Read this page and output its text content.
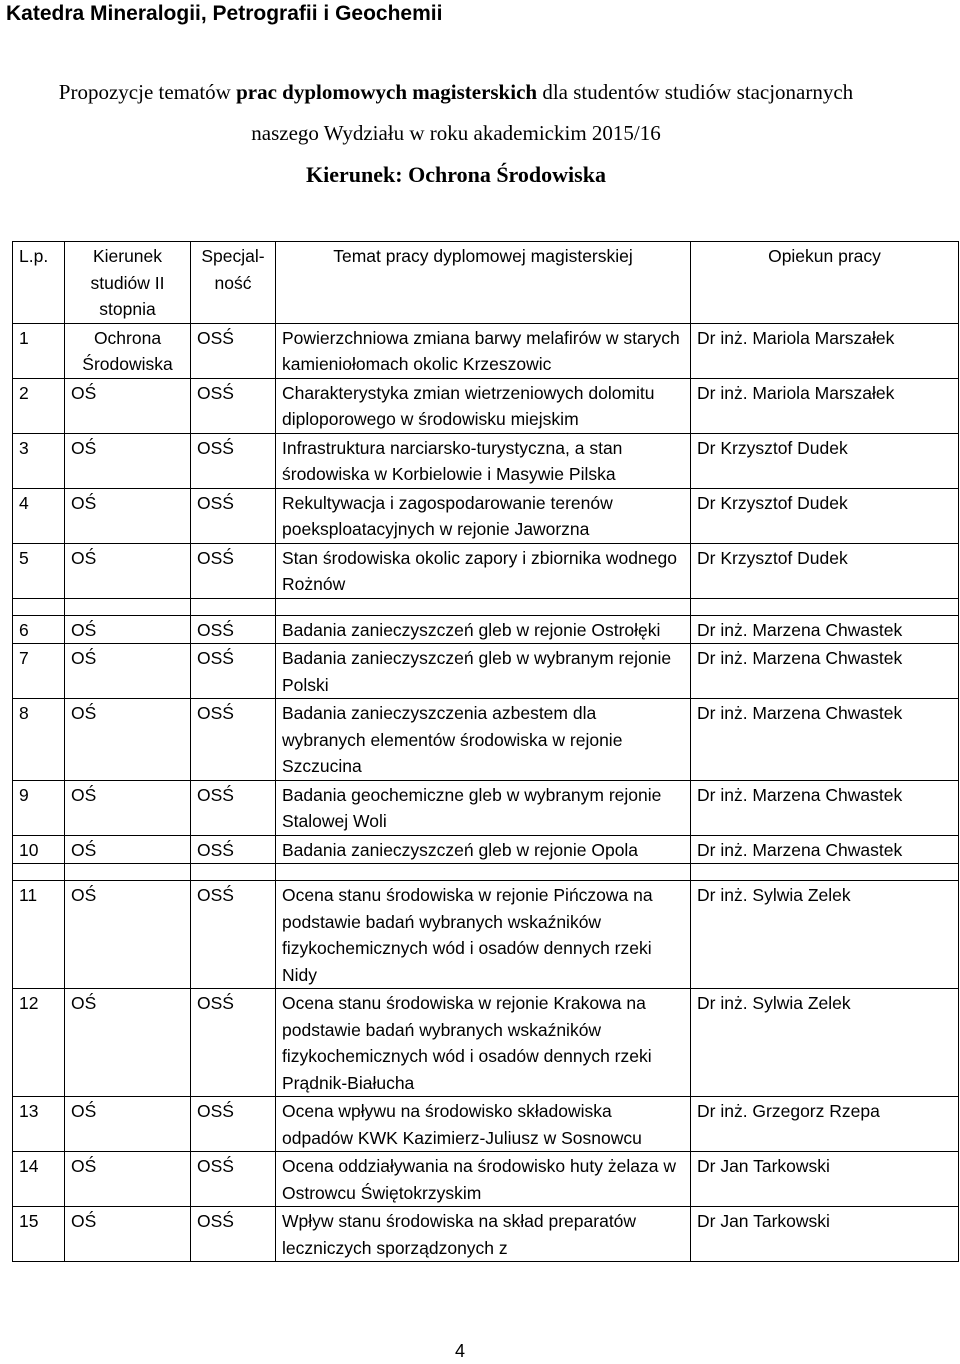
Katedra Mineralogii, Petrografii i Geochemii
Propozycje tematów prac dyplomowych magisterskich dla studentów studiów stacjonarnych
naszego Wydziału w roku akademickim 2015/16
Kierunek: Ochrona Środowiska
L.p.	Kierunek studiów II stopnia	Specjal-ność	Temat pracy dyplomowej magisterskiej	Opiekun pracy
1	Ochrona Środowiska	OSŚ	Powierzchniowa zmiana barwy melafirów w starych kamieniołomach okolic Krzeszowic	Dr inż. Mariola Marszałek
2	OŚ	OSŚ	Charakterystyka zmian wietrzeniowych dolomitu diploporowego w środowisku miejskim	Dr inż. Mariola Marszałek
3	OŚ	OSŚ	Infrastruktura narciarsko-turystyczna, a stan środowiska w Korbielowie i Masywie Pilska	Dr Krzysztof Dudek
4	OŚ	OSŚ	Rekultywacja i zagospodarowanie terenów poeksploatacyjnych w rejonie Jaworzna	Dr Krzysztof Dudek
5	OŚ	OSŚ	Stan środowiska okolic zapory i zbiornika wodnego Rożnów	Dr Krzysztof Dudek

6	OŚ	OSŚ	Badania zanieczyszczeń gleb w rejonie Ostrołęki	Dr inż. Marzena Chwastek
7	OŚ	OSŚ	Badania zanieczyszczeń gleb w wybranym rejonie Polski	Dr inż. Marzena Chwastek
8	OŚ	OSŚ	Badania zanieczyszczenia azbestem dla wybranych elementów środowiska w rejonie Szczucina	Dr inż. Marzena Chwastek
9	OŚ	OSŚ	Badania geochemiczne gleb w wybranym rejonie Stalowej Woli	Dr inż. Marzena Chwastek
10	OŚ	OSŚ	Badania zanieczyszczeń gleb w rejonie Opola	Dr inż. Marzena Chwastek

11	OŚ	OSŚ	Ocena stanu środowiska w rejonie Pińczowa na podstawie badań wybranych wskaźników fizykochemicznych wód i osadów dennych rzeki Nidy	Dr inż. Sylwia Zelek
12	OŚ	OSŚ	Ocena stanu środowiska w rejonie Krakowa na podstawie badań wybranych wskaźników fizykochemicznych wód i osadów dennych rzeki Prądnik-Białucha	Dr inż. Sylwia Zelek
13	OŚ	OSŚ	Ocena wpływu na środowisko składowiska odpadów KWK Kazimierz-Juliusz w Sosnowcu	Dr inż. Grzegorz Rzepa
14	OŚ	OSŚ	Ocena oddziaływania na środowisko huty żelaza w Ostrowcu Świętokrzyskim	Dr Jan Tarkowski
15	OŚ	OSŚ	Wpływ stanu środowiska na skład preparatów leczniczych sporządzonych z	Dr Jan Tarkowski
4
